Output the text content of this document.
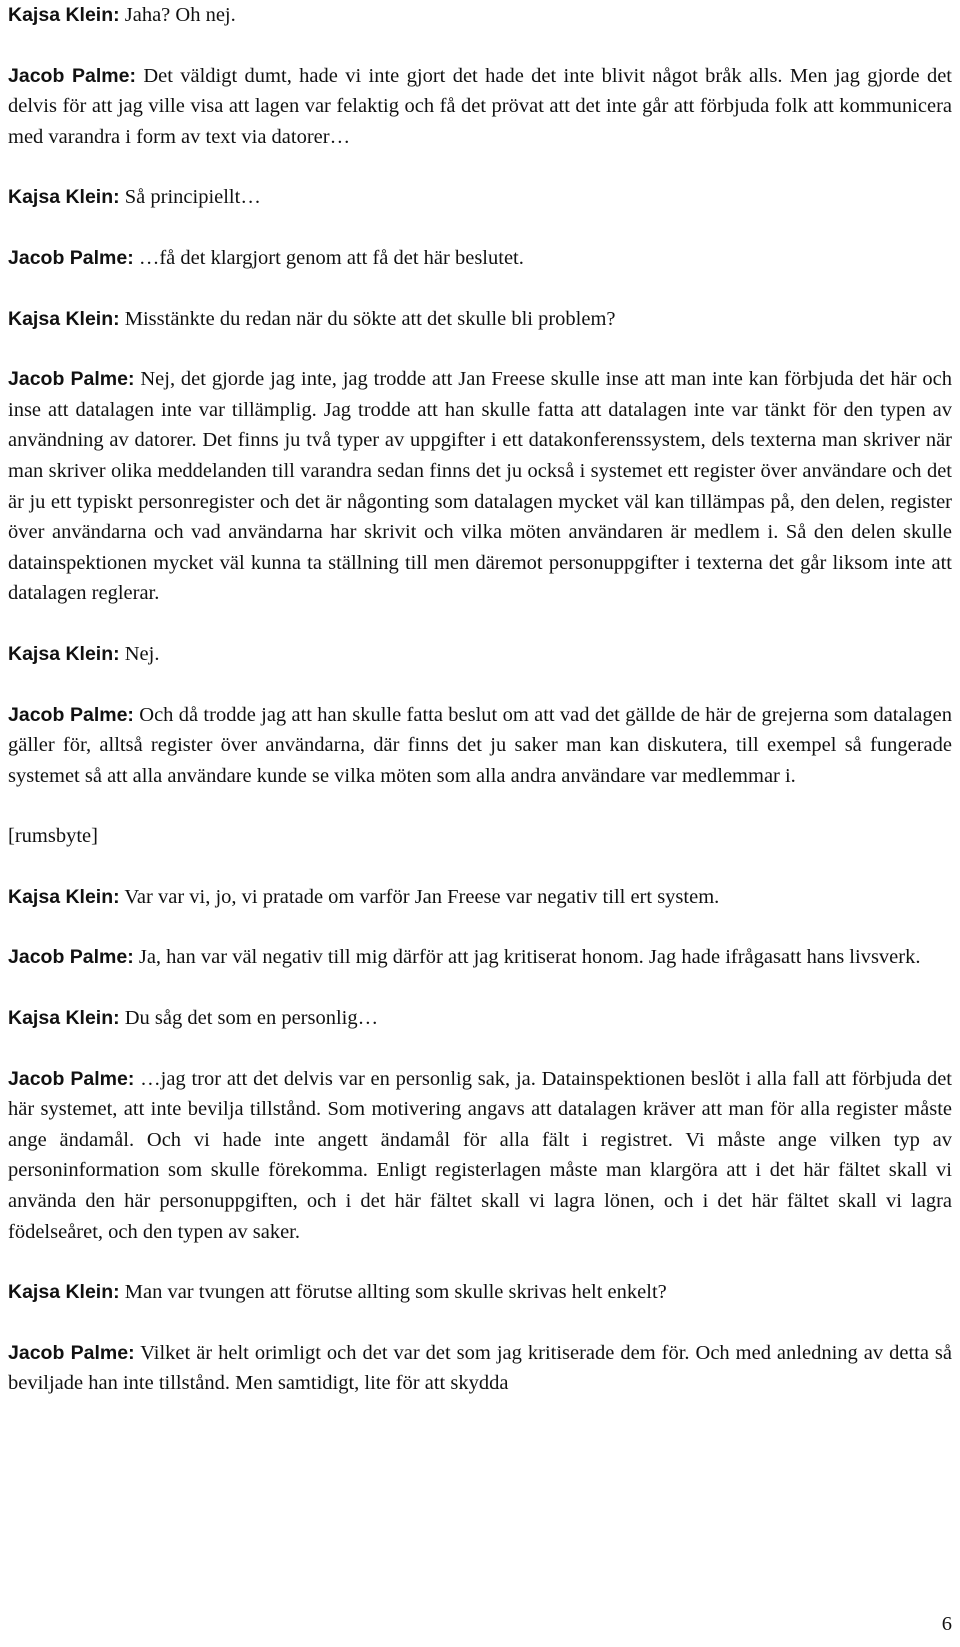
Kajsa Klein: Jaha? Oh nej.

Jacob Palme: Det väldigt dumt, hade vi inte gjort det hade det inte blivit något bråk alls. Men jag gjorde det delvis för att jag ville visa att lagen var felaktig och få det prövat att det inte går att förbjuda folk att kommunicera med varandra i form av text via datorer…

Kajsa Klein: Så principiellt…

Jacob Palme: …få det klargjort genom att få det här beslutet.

Kajsa Klein: Misstänkte du redan när du sökte att det skulle bli problem?

Jacob Palme: Nej, det gjorde jag inte, jag trodde att Jan Freese skulle inse att man inte kan förbjuda det här och inse att datalagen inte var tillämplig. Jag trodde att han skulle fatta att datalagen inte var tänkt för den typen av användning av datorer. Det finns ju två typer av uppgifter i ett datakonferenssystem, dels texterna man skriver när man skriver olika meddelanden till varandra sedan finns det ju också i systemet ett register över användare och det är ju ett typiskt personregister och det är någonting som datalagen mycket väl kan tillämpas på, den delen, register över användarna och vad användarna har skrivit och vilka möten användaren är medlem i. Så den delen skulle datainspektionen mycket väl kunna ta ställning till men däremot personuppgifter i texterna det går liksom inte att datalagen reglerar.

Kajsa Klein: Nej.

Jacob Palme: Och då trodde jag att han skulle fatta beslut om att vad det gällde de här de grejerna som datalagen gäller för, alltså register över användarna, där finns det ju saker man kan diskutera, till exempel så fungerade systemet så att alla användare kunde se vilka möten som alla andra användare var medlemmar i.

[rumsbyte]

Kajsa Klein: Var var vi, jo, vi pratade om varför Jan Freese var negativ till ert system.

Jacob Palme: Ja, han var väl negativ till mig därför att jag kritiserat honom. Jag hade ifrågasatt hans livsverk.

Kajsa Klein: Du såg det som en personlig…

Jacob Palme: …jag tror att det delvis var en personlig sak, ja. Datainspektionen beslöt i alla fall att förbjuda det här systemet, att inte bevilja tillstånd. Som motivering angavs att datalagen kräver att man för alla register måste ange ändamål. Och vi hade inte angett ändamål för alla fält i registret. Vi måste ange vilken typ av personinformation som skulle förekomma. Enligt registerlagen måste man klargöra att i det här fältet skall vi använda den här personuppgiften, och i det här fältet skall vi lagra lönen, och i det här fältet skall vi lagra födelseåret, och den typen av saker.

Kajsa Klein: Man var tvungen att förutse allting som skulle skrivas helt enkelt?

Jacob Palme: Vilket är helt orimligt och det var det som jag kritiserade dem för. Och med anledning av detta så beviljade han inte tillstånd. Men samtidigt, lite för att skydda

6
